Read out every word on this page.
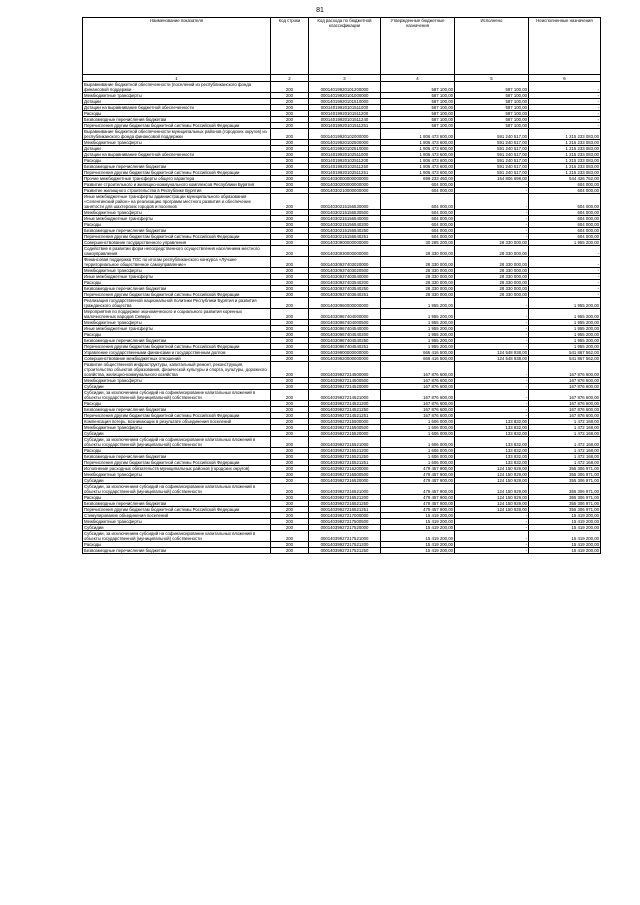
81
Наименование показателя	Код строки	Код расхода по бюджетной классификации	Утвержденные бюджетные назначения	Исполнено	Неисполненные назначения
1	2	3	4	5	6
Выравнивание бюджетной обеспеченности (поселений из республиканского фонда финансовой поддержки	200	00014019920101200000	587 100,00	587 100,00	-
Межбюджетные трансферты	200	00014019920101000000	587 100,00	587 100,00	-
Дотации	200	00014019920101510000	587 100,00	587 100,00	-
Дотации на выравнивание бюджетной обеспеченности	200	00014019920101511000	587 100,00	587 100,00	-
Расходы	200	00014019920101511200	587 100,00	587 100,00	-
Безвозмездные перечисления бюджетам	200	00014019920101511240	587 100,00	587 100,00	-
Перечисления другим бюджетам бюджетной системы Российской Федерации	200	00014019920101511251	587 100,00	587 100,00	-
Выравнивание бюджетной обеспеченности муниципальных районов (городских округов) из республиканского фонда финансовой поддержки	200	00014019920102000000	1 806 473 600,00	591 240 517,00	1 215 233 083,00
Межбюджетные трансферты	200	00014019920102500000	1 806 473 600,00	591 240 517,00	1 215 233 083,00
Дотации	200	00014019920102510000	1 806 473 600,00	591 240 517,00	1 215 233 083,00
Дотации на выравнивание бюджетной обеспеченности	200	00014019920102511000	1 806 473 600,00	591 240 517,00	1 215 233 083,00
Расходы	200	00014019920102511200	1 806 473 600,00	591 240 517,00	1 215 233 083,00
Безвозмездные перечисления бюджетам	200	00014019920102511250	1 806 473 600,00	591 240 517,00	1 215 233 083,00
Перечисления другим бюджетам бюджетной системы Российской Федерации	200	00014019920102511251	1 806 473 600,00	591 240 517,00	1 215 233 083,00
Прочие межбюджетные трансферты общего характера	200	00014030000000000000	699 233 460,00	154 806 698,00	544 426 762,00
Развитие строительного и жилищно-коммунального комплексов Республики Бурятия	200	00014030200000000000	604 000,00	-	604 000,00
Развитие жилищного строительства в Республике Бурятия	200	00014030210000000000	604 000,00	-	604 000,00
Иные межбюджетные трансферты администрации муниципального образования «Селенгинский район» на реализацию программ местного развития и обеспечение занятости для шахтерских городов и поселков	200	00014030215156530000	604 000,00	-	604 000,00
Межбюджетные трансферты	200	00014030215156530500	604 000,00	-	604 000,00
Иные межбюджетные трансферты	200	00014030215156540000	604 000,00	-	604 000,00
Расходы	200	00014030215156540200	604 000,00	-	604 000,00
Безвозмездные перечисления бюджетам	200	00014030215156540250	604 000,00	-	604 000,00
Перечисления другим бюджетам бюджетной системы Российской Федерации	200	00014030215156540251	604 000,00	-	604 000,00
Совершенствование государственного управления	200	00014030900000000000	30 285 200,00	28 330 000,00	1 955 200,00
Содействие в развитии форм непосредственного осуществления населением местного самоуправления	200	00014030930000000000	28 330 000,00	28 330 000,00	-
Финансовая поддержка ТОС по итогам республиканского конкурса «Лучшее территориальное общественное самоуправление»	200	00014030937403020000	28 330 000,00	28 330 000,00	-
Межбюджетные трансферты	200	00014030937403020500	28 330 000,00	28 330 000,00	-
Иные межбюджетные трансферты	200	00014030937403540000	28 330 000,00	28 330 000,00	-
Расходы	200	00014030937403540200	28 330 000,00	28 330 000,00	-
Безвозмездные перечисления бюджетам	200	00014030937403540250	28 330 000,00	28 330 000,00	-
Перечисления другим бюджетам бюджетной системы Российской Федерации	200	00014030937403540251	28 330 000,00	28 330 000,00	-
Реализация государственной национальной политики Республики Бурятия и развития гражданского общества	200	00014030960000000000	1 955 200,00	-	1 955 200,00
Мероприятия по поддержке экономического и социального развития коренных малочисленных народов Севера	200	00014030967404000000	1 955 200,00	-	1 955 200,00
Межбюджетные трансферты	200	00014030967404000500	1 955 200,00	-	1 955 200,00
Иные межбюджетные трансферты	200	00014030967404540000	1 955 200,00	-	1 955 200,00
Расходы	200	00014030967404540200	1 955 200,00	-	1 955 200,00
Безвозмездные перечисления бюджетам	200	00014030967404540250	1 955 200,00	-	1 955 200,00
Перечисления другим бюджетам бюджетной системы Российской Федерации	200	00014030967404540251	1 955 200,00	-	1 955 200,00
Управление государственными финансами и государственным долгом	200	00014039900000000000	666 416 500,00	124 548 938,00	541 867 562,00
Совершенствование межбюджетных отношений	200	00014039920000000000	666 416 500,00	124 548 938,00	541 867 562,00
Развитие общественной инфраструктуры, капитальный ремонт, реконструкция, строительство объектов образования, физической культуры и спорта, культуры, дорожного хозяйства, жилищно-коммунального хозяйства	200	00014039927214500000	167 876 600,00	-	167 876 600,00
Межбюджетные трансферты	200	00014039927214500500	167 876 600,00	-	167 876 600,00
Субсидии	200	00014039927214520000	167 876 600,00	-	167 876 600,00
Субсидии, за исключением субсидий на софинансирование капитальных вложений в объекты государственной (муниципальной) собственности	200	00014039927214521000	167 876 600,00	-	167 876 600,00
Расходы	200	00014039927214521200	167 876 600,00	-	167 876 600,00
Безвозмездные перечисления бюджетам	200	00014039927214521250	167 876 600,00	-	167 876 600,00
Перечисления другим бюджетам бюджетной системы Российской Федерации	200	00014039927214521251	167 876 600,00	-	167 876 600,00
Компенсация потерь, возникающих в результате объединения поселений	200	00014039927215500000	1 606 000,00	133 832,00	1 472 168,00
Межбюджетные трансферты	200	00014039927215500500	1 606 000,00	133 832,00	1 472 168,00
Субсидии	200	00014039927215520000	1 606 000,00	133 832,00	1 472 168,00
Субсидии, за исключением субсидий на софинансирование капитальных вложений в объекты государственной (муниципальной) собственности	200	00014039927215521000	1 606 000,00	133 832,00	1 472 168,00
Расходы	200	00014039927215521200	1 606 000,00	133 832,00	1 472 168,00
Безвозмездные перечисления бюджетам	200	00014039927215521250	1 606 000,00	133 832,00	1 472 168,00
Перечисления другим бюджетам бюджетной системы Российской Федерации	200	00014039927215521251	1 606 000,00	133 832,00	1 472 168,00
Исполнение расходных обязательств муниципальных районов (городских округов)	200	00014039927216200000	479 457 900,00	124 150 929,00	355 306 971,00
Межбюджетные трансферты	200	00014039927216500500	479 457 900,00	124 150 929,00	355 306 971,00
Субсидии	200	00014039927216520000	479 457 900,00	124 150 929,00	355 306 971,00
Субсидии, за исключением субсидий на софинансирование капитальных вложений в объекты государственной (муниципальной) собственности	200	00014039927216521000	479 457 900,00	124 150 929,00	355 306 971,00
Расходы	200	00014039927216521200	479 457 900,00	124 150 929,00	355 306 971,00
Безвозмездные перечисления бюджетам	200	00014039927216521250	479 457 900,00	124 150 929,00	355 306 971,00
Перечисления другим бюджетам бюджетной системы Российской Федерации	200	00014039927216521251	479 457 900,00	124 150 929,00	355 306 971,00
Стимулирование объединения поселений	200	00014039927217000000	15 419 200,00	-	15 419 200,00
Межбюджетные трансферты	200	00014039927217500500	15 419 200,00	-	15 419 200,00
Субсидии	200	00014039927217520000	15 419 200,00	-	15 419 200,00
Субсидии, за исключением субсидий на софинансирование капитальных вложений в объекты государственной (муниципальной) собственности	200	00014039927217521000	15 419 200,00	-	15 419 200,00
Расходы	200	00014039927217521200	15 419 200,00	-	15 419 200,00
Безвозмездные перечисления бюджетам	200	00014039927217521250	15 419 200,00	-	15 419 200,00
